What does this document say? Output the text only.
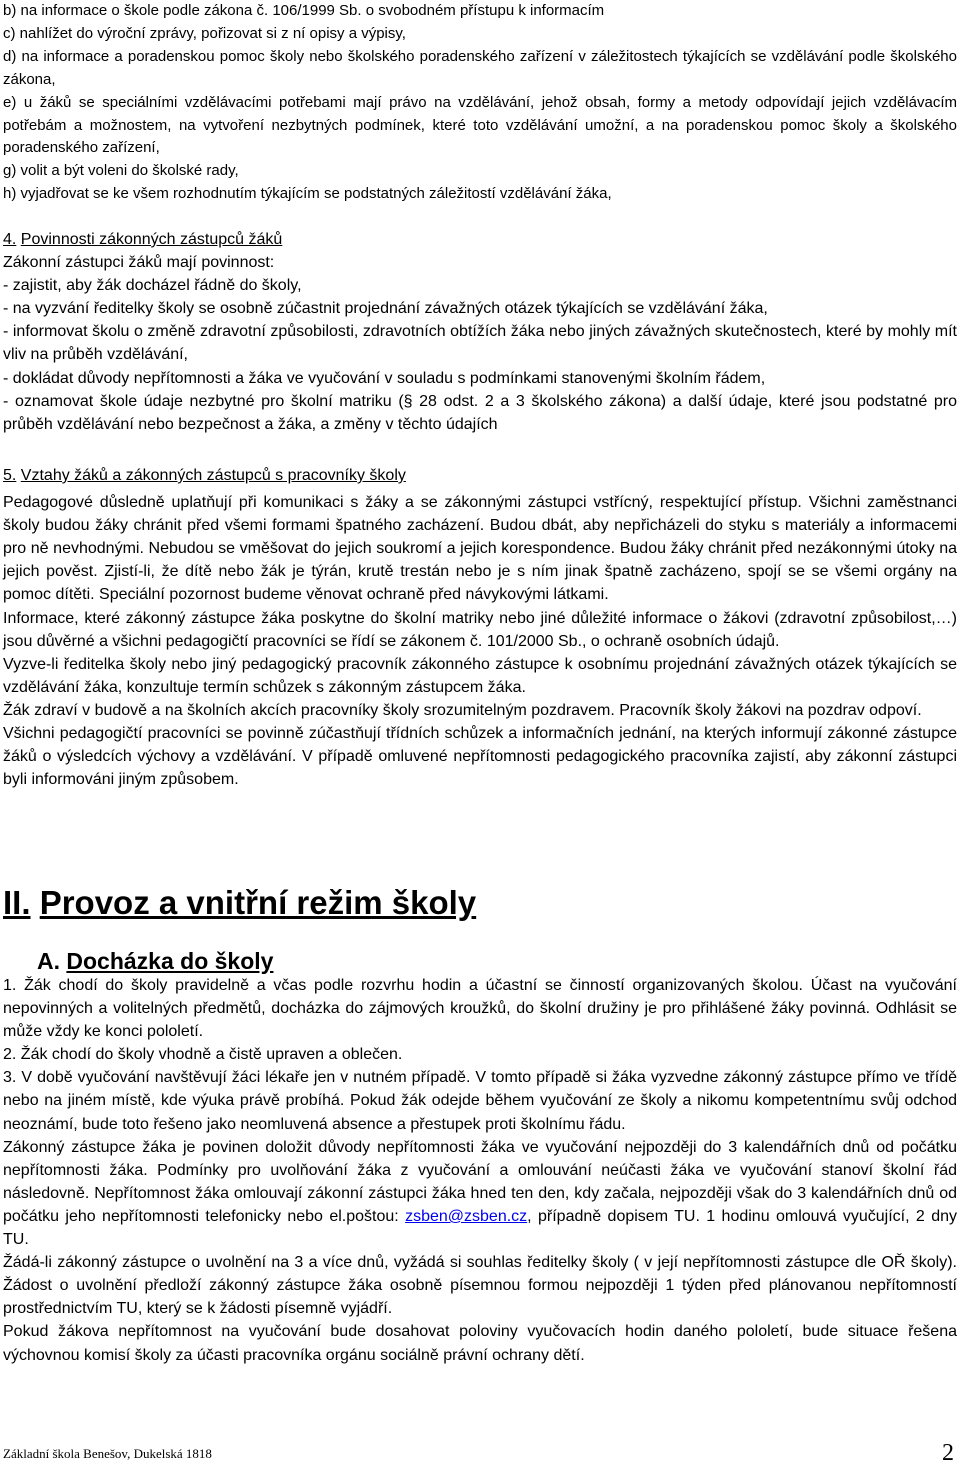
b) na informace o škole podle zákona č. 106/1999 Sb. o svobodném přístupu k informacím

c) nahlížet do výroční zprávy, pořizovat si z ní opisy a výpisy,

d) na informace a poradenskou pomoc školy nebo školského poradenského zařízení v záležitostech týkajících se vzdělávání podle školského zákona,

e) u žáků se speciálními vzdělávacími potřebami mají právo na vzdělávání, jehož obsah, formy a metody odpovídají jejich vzdělávacím potřebám a možnostem, na vytvoření nezbytných podmínek, které toto vzdělávání umožní, a na poradenskou pomoc školy a školského poradenského zařízení,

g) volit a být voleni do školské rady,

h) vyjadřovat se ke všem rozhodnutím týkajícím se podstatných záležitostí vzdělávání žáka,

4. Povinnosti zákonných zástupců žáků

Zákonní zástupci žáků mají povinnost:

- zajistit, aby žák docházel řádně do školy,

- na vyzvání ředitelky školy se osobně zúčastnit projednání závažných otázek týkajících se vzdělávání žáka,

- informovat školu o změně zdravotní způsobilosti, zdravotních obtížích žáka nebo jiných závažných skutečnostech, které by mohly mít vliv na průběh vzdělávání,

- dokládat důvody nepřítomnosti a žáka ve vyučování v souladu s podmínkami stanovenými školním řádem,

- oznamovat škole údaje nezbytné pro školní matriku (§ 28 odst. 2 a 3 školského zákona) a další údaje, které jsou podstatné pro průběh vzdělávání nebo bezpečnost a žáka, a změny v těchto údajích

5. Vztahy žáků a zákonných zástupců s pracovníky školy

Pedagogové důsledně uplatňují při komunikaci s žáky a se zákonnými zástupci vstřícný, respektující přístup. Všichni zaměstnanci školy budou žáky chránit před všemi formami špatného zacházení. Budou dbát, aby nepřicházeli do styku s materiály a informacemi pro ně nevhodnými. Nebudou se vměšovat do jejich soukromí a jejich korespondence. Budou žáky chránit před nezákonnými útoky na jejich pověst. Zjistí-li, že dítě nebo žák je týrán, krutě trestán nebo je s ním jinak špatně zacházeno, spojí se se všemi orgány na pomoc dítěti. Speciální pozornost budeme věnovat ochraně před návykovými látkami.

Informace, které zákonný zástupce žáka poskytne do školní matriky nebo jiné důležité informace o žákovi (zdravotní způsobilost,…) jsou důvěrné a všichni pedagogičtí pracovníci se řídí se zákonem č. 101/2000 Sb., o ochraně osobních údajů.

Vyzve-li ředitelka školy nebo jiný pedagogický pracovník zákonného zástupce k osobnímu projednání závažných otázek týkajících se vzdělávání žáka, konzultuje termín schůzek s zákonným zástupcem žáka.

Žák zdraví v budově a na školních akcích pracovníky školy srozumitelným pozdravem. Pracovník školy žákovi na pozdrav odpoví.

Všichni pedagogičtí pracovníci se povinně zúčastňují třídních schůzek a informačních jednání, na kterých informují zákonné zástupce žáků o výsledcích výchovy a vzdělávání. V případě omluvené nepřítomnosti pedagogického pracovníka zajistí, aby zákonní zástupci byli informováni jiným způsobem.

II. Provoz a vnitřní režim školy

A. Docházka do školy

1. Žák chodí do školy pravidelně a včas podle rozvrhu hodin a účastní se činností organizovaných školou. Účast na vyučování nepovinných a volitelných předmětů, docházka do zájmových kroužků, do školní družiny je pro přihlášené žáky povinná. Odhlásit se může vždy ke konci pololetí.

2. Žák chodí do školy vhodně a čistě upraven a oblečen.

3. V době vyučování navštěvují žáci lékaře jen v nutném případě. V tomto případě si žáka vyzvedne zákonný zástupce přímo ve třídě nebo na jiném místě, kde výuka právě probíhá. Pokud žák odejde během vyučování ze školy a nikomu kompetentnímu svůj odchod neoznámí, bude toto řešeno jako neomluvená absence a přestupek proti školnímu řádu.

Zákonný zástupce žáka je povinen doložit důvody nepřítomnosti žáka ve vyučování nejpozději do 3 kalendářních dnů od počátku nepřítomnosti žáka. Podmínky pro uvolňování žáka z vyučování a omlouvání neúčasti žáka ve vyučování stanoví školní řád následovně. Nepřítomnost žáka omlouvají zákonní zástupci žáka hned ten den, kdy začala, nejpozději však do 3 kalendářních dnů od počátku jeho nepřítomnosti telefonicky nebo el.poštou: zsben@zsben.cz, případně dopisem TU. 1 hodinu omlouvá vyučující, 2 dny TU.

Žádá-li zákonný zástupce o uvolnění na 3 a více dnů, vyžádá si souhlas ředitelky školy ( v její nepřítomnosti zástupce dle OŘ školy). Žádost o uvolnění předloží zákonný zástupce žáka osobně písemnou formou nejpozději 1 týden před plánovanou nepřítomností prostřednictvím TU, který se k žádosti písemně vyjádří.

Pokud žákova nepřítomnost na vyučování bude dosahovat poloviny vyučovacích hodin daného pololetí, bude situace řešena výchovnou komisí školy za účasti pracovníka orgánu sociálně právní ochrany dětí.

Základní škola Benešov, Dukelská 1818	2
